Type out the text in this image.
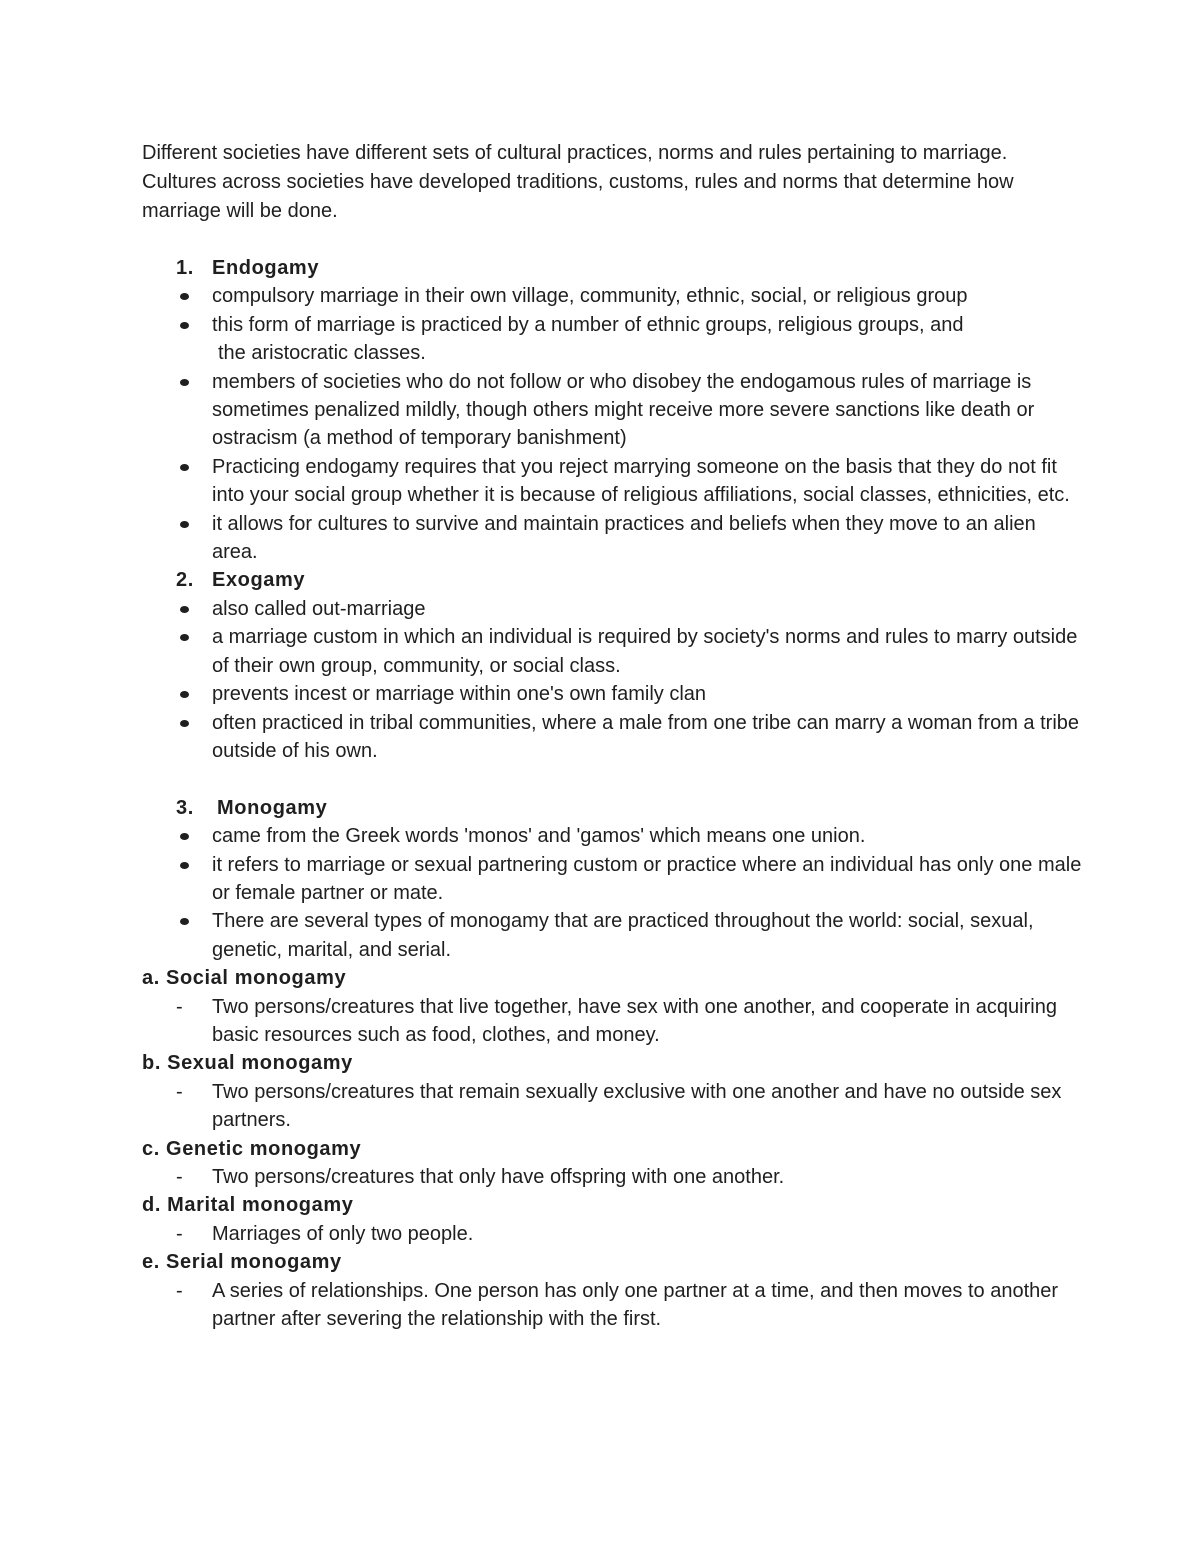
Different societies have different sets of cultural practices, norms and rules pertaining to marriage. Cultures across societies have developed traditions, customs, rules and norms that determine how marriage will be done.

1. Endogamy

compulsory marriage in their own village, community, ethnic, social, or religious group
this form of marriage is practiced by a number of ethnic groups, religious groups, and
the aristocratic classes.
members of societies who do not follow or who disobey the endogamous rules of marriage is sometimes penalized mildly, though others might receive more severe sanctions like death or ostracism (a method of temporary banishment)
Practicing endogamy requires that you reject marrying someone on the basis that they do not fit into your social group whether it is because of religious affiliations, social classes, ethnicities, etc.
it allows for cultures to survive and maintain practices and beliefs when they move to an alien area.

2. Exogamy

also called out-marriage
a marriage custom in which an individual is required by society's norms and rules to marry outside of their own group, community, or social class.
prevents incest or marriage within one's own family clan
often practiced in tribal communities, where a male from one tribe can marry a woman from a tribe outside of his own.

3. Monogamy

came from the Greek words 'monos' and 'gamos' which means one union.
it refers to marriage or sexual partnering custom or practice where an individual has only one male or female partner or mate.
There are several types of monogamy that are practiced throughout the world: social, sexual, genetic, marital, and serial.

a. Social monogamy

- Two persons/creatures that live together, have sex with one another, and cooperate in acquiring basic resources such as food, clothes, and money.

b. Sexual monogamy

- Two persons/creatures that remain sexually exclusive with one another and have no outside sex partners.

c. Genetic monogamy

- Two persons/creatures that only have offspring with one another.

d. Marital monogamy

- Marriages of only two people.

e. Serial monogamy

- A series of relationships. One person has only one partner at a time, and then moves to another partner after severing the relationship with the first.
